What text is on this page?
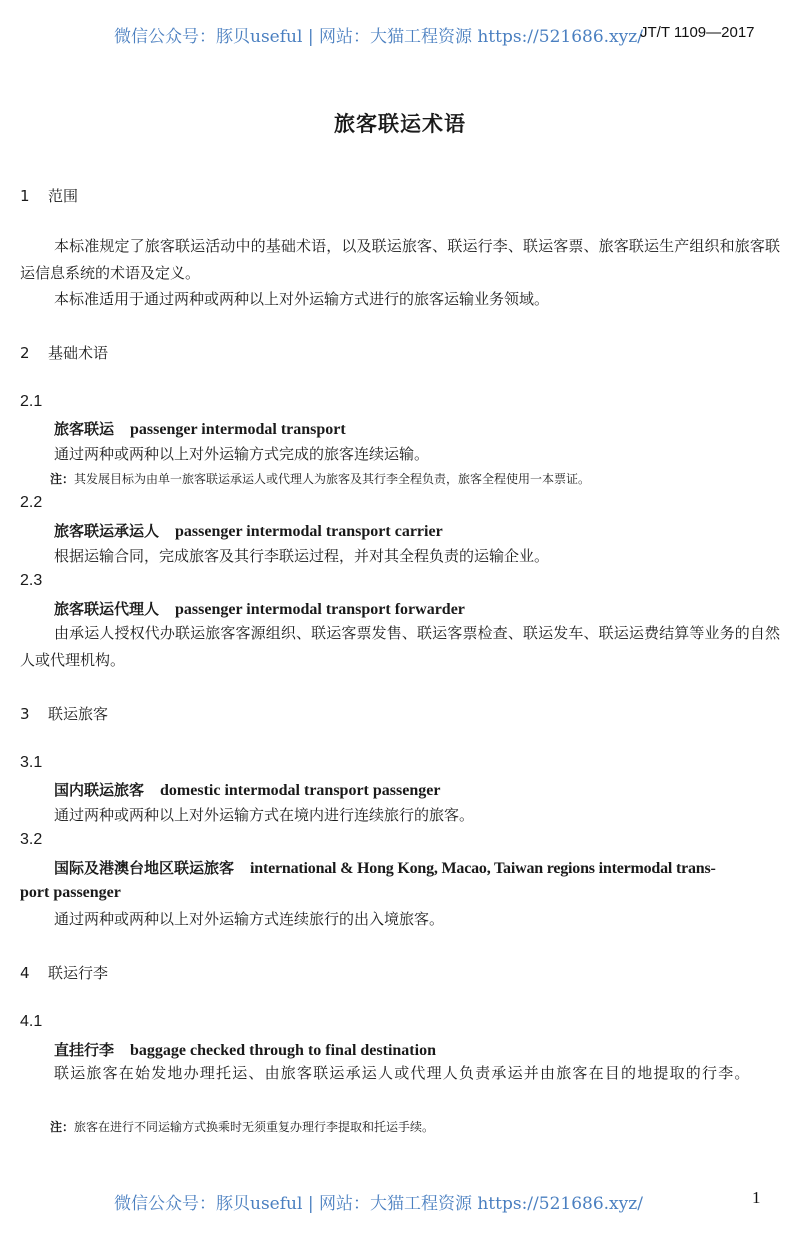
微信公众号：豚贝useful | 网站：大猫工程资源 https://521686.xyz/
JT/T 1109—2017
旅客联运术语
1 范围
本标准规定了旅客联运活动中的基础术语，以及联运旅客、联运行李、联运客票、旅客联运生产组织和旅客联运信息系统的术语及定义。
本标准适用于通过两种或两种以上对外运输方式进行的旅客运输业务领域。
2 基础术语
2.1
旅客联运 passenger intermodal transport
通过两种或两种以上对外运输方式完成的旅客连续运输。
注：其发展目标为由单一旅客联运承运人或代理人为旅客及其行李全程负责，旅客全程使用一本票证。
2.2
旅客联运承运人 passenger intermodal transport carrier
根据运输合同，完成旅客及其行李联运过程，并对其全程负责的运输企业。
2.3
旅客联运代理人 passenger intermodal transport forwarder
由承运人授权代办联运旅客客源组织、联运客票发售、联运客票检查、联运发车、联运运费结算等业务的自然人或代理机构。
3 联运旅客
3.1
国内联运旅客 domestic intermodal transport passenger
通过两种或两种以上对外运输方式在境内进行连续旅行的旅客。
3.2
国际及港澳台地区联运旅客 international & Hong Kong, Macao, Taiwan regions intermodal trans-
port passenger
通过两种或两种以上对外运输方式连续旅行的出入境旅客。
4 联运行李
4.1
直挂行李 baggage checked through to final destination
联运旅客在始发地办理托运、由旅客联运承运人或代理人负责承运并由旅客在目的地提取的行李。
注：旅客在进行不同运输方式换乘时无须重复办理行李提取和托运手续。
微信公众号：豚贝useful | 网站：大猫工程资源 https://521686.xyz/	1
